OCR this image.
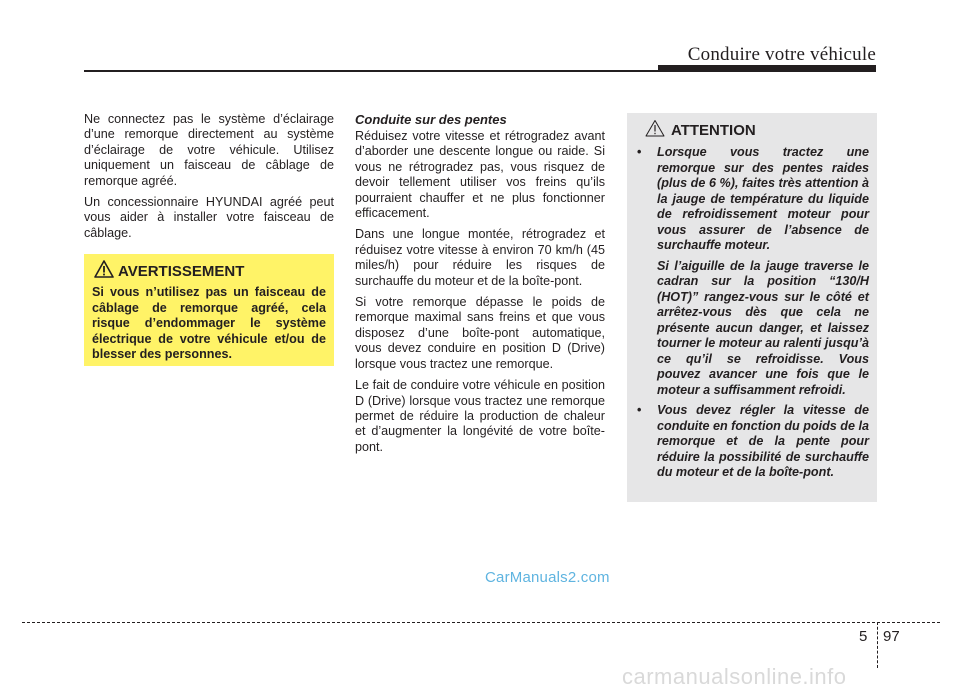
Conduire votre véhicule

Ne connectez pas le système d’éclairage d’une remorque directement au système d’éclairage de votre véhicule. Utilisez uniquement un faisceau de câblage de remorque agréé.

Un concessionnaire HYUNDAI agréé peut vous aider à installer votre faisceau de câblage.

AVERTISSEMENT
Si vous n’utilisez pas un faisceau de câblage de remorque agréé, cela risque d’endommager le système électrique de votre véhicule et/ou de blesser des personnes.
Conduite sur des pentes

Réduisez votre vitesse et rétrogradez avant d’aborder une descente longue ou raide. Si vous ne rétrogradez pas, vous risquez de devoir tellement utiliser vos freins qu’ils pourraient chauffer et ne plus fonctionner efficacement.

Dans une longue montée, rétrogradez et réduisez votre vitesse à environ 70 km/h (45 miles/h) pour réduire les risques de surchauffe du moteur et de la boîte-pont.

Si votre remorque dépasse le poids de remorque maximal sans freins et que vous disposez d’une boîte-pont automatique, vous devez conduire en position D (Drive) lorsque vous tractez une remorque.

Le fait de conduire votre véhicule en position D (Drive) lorsque vous tractez une remorque permet de réduire la production de chaleur et d’augmenter la longévité de votre boîte-pont.

ATTENTION
• Lorsque vous tractez une remorque sur des pentes raides (plus de 6 %), faites très attention à la jauge de température du liquide de refroidissement moteur pour vous assurer de l’absence de surchauffe moteur.

Si l’aiguille de la jauge traverse le cadran sur la position “130/H (HOT)” rangez-vous sur le côté et arrêtez-vous dès que cela ne présente aucun danger, et laissez tourner le moteur au ralenti jusqu’à ce qu’il se refroidisse. Vous pouvez avancer une fois que le moteur a suffisamment refroidi.

• Vous devez régler la vitesse de conduite en fonction du poids de la remorque et de la pente pour réduire la possibilité de surchauffe du moteur et de la boîte-pont.

CarManuals2.com
5 97
carmanualsonline.info
